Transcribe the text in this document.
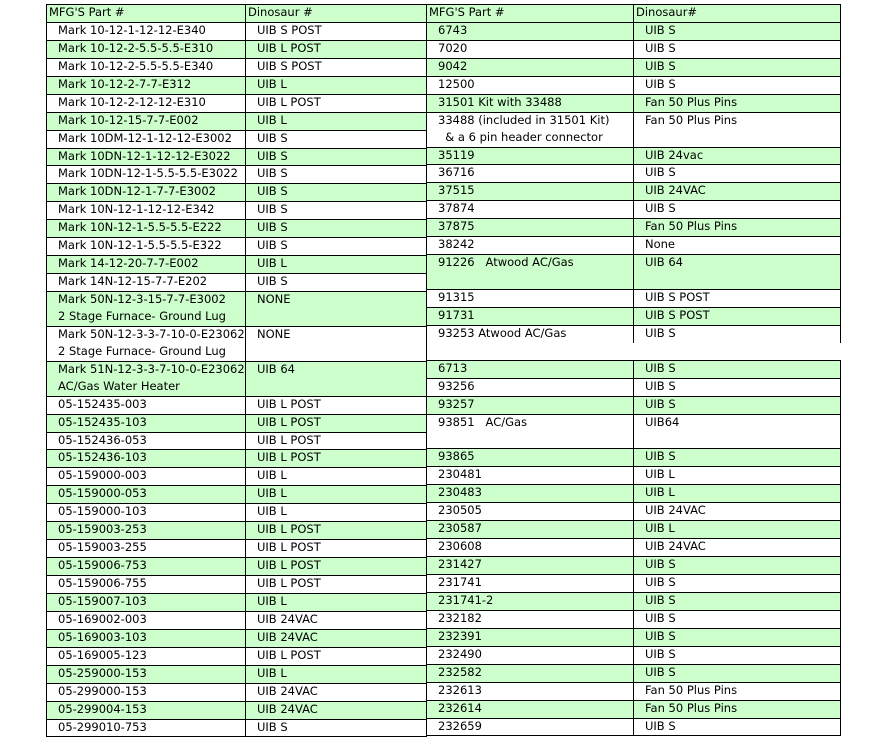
MFG'S Part #	Dinosaur #
Mark 10-12-1-12-12-E340	UIB S POST
Mark 10-12-2-5.5-5.5-E310	UIB L POST
Mark 10-12-2-5.5-5.5-E340	UIB S POST
Mark 10-12-2-7-7-E312	UIB L
Mark 10-12-2-12-12-E310	UIB L POST
Mark 10-12-15-7-7-E002	UIB L
Mark 10DM-12-1-12-12-E3002	UIB S
Mark 10DN-12-1-12-12-E3022	UIB S
Mark 10DN-12-1-5.5-5.5-E3022	UIB S
Mark 10DN-12-1-7-7-E3002	UIB S
Mark 10N-12-1-12-12-E342	UIB S
Mark 10N-12-1-5.5-5.5-E222	UIB S
Mark 10N-12-1-5.5-5.5-E322	UIB S
Mark 14-12-20-7-7-E002	UIB L
Mark 14N-12-15-7-7-E202	UIB S
Mark 50N-12-3-15-7-7-E3002	NONE
2 Stage Furnace- Ground Lug	
Mark 50N-12-3-3-7-10-0-E23062	NONE
2 Stage Furnace- Ground Lug	
Mark 51N-12-3-3-7-10-0-E23062	UIB 64
AC/Gas Water Heater	
05-152435-003	UIB L POST
05-152435-103	UIB L POST
05-152436-053	UIB L POST
05-152436-103	UIB L POST
05-159000-003	UIB L
05-159000-053	UIB L
05-159000-103	UIB L
05-159003-253	UIB L POST
05-159003-255	UIB L POST
05-159006-753	UIB L POST
05-159006-755	UIB L POST
05-159007-103	UIB L
05-169002-003	UIB 24VAC
05-169003-103	UIB 24VAC
05-169005-123	UIB L POST
05-259000-153	UIB L
05-299000-153	UIB 24VAC
05-299004-153	UIB 24VAC
05-299010-753	UIB S
MFG'S Part #	Dinosaur#
6743	UIB S
7020	UIB S
9042	UIB S
12500	UIB S
31501 Kit with 33488	Fan 50 Plus Pins
33488 (included in 31501 Kit)	Fan 50 Plus Pins
& a 6 pin header connector	
35119	UIB 24vac
36716	UIB S
37515	UIB 24VAC
37874	UIB S
37875	Fan 50 Plus Pins
38242	None
91226   Atwood AC/Gas	UIB 64

91315	UIB S POST
91731	UIB S POST
93253 Atwood AC/Gas	UIB S

6713	UIB S
93256	UIB S
93257	UIB S
93851   AC/Gas	UIB64

93865	UIB S
230481	UIB L
230483	UIB L
230505	UIB 24VAC
230587	UIB L
230608	UIB 24VAC
231427	UIB S
231741	UIB S
231741-2	UIB S
232182	UIB S
232391	UIB S
232490	UIB S
232582	UIB S
232613	Fan 50 Plus Pins
232614	Fan 50 Plus Pins
232659	UIB S
